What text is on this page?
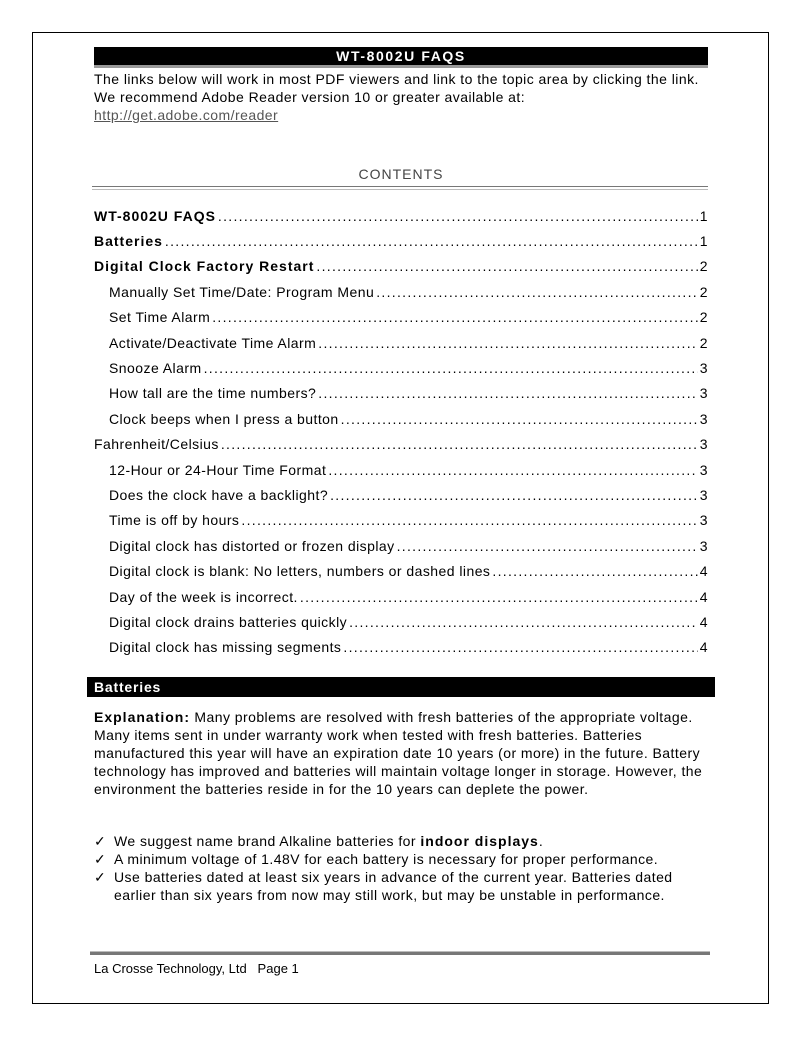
WT-8002U FAQS
The links below will work in most PDF viewers and link to the topic area by clicking the link. We recommend Adobe Reader version 10 or greater available at:
http://get.adobe.com/reader
CONTENTS
WT-8002U FAQS .....	1
Batteries .....	1
Digital Clock Factory Restart .....	2
Manually Set Time/Date: Program Menu .....	2
Set Time Alarm .....	2
Activate/Deactivate Time Alarm .....	2
Snooze Alarm .....	3
How tall are the time numbers? .....	3
Clock beeps when I press a button .....	3
Fahrenheit/Celsius .....	3
12-Hour or 24-Hour Time Format .....	3
Does the clock have a backlight? .....	3
Time is off by hours .....	3
Digital clock has distorted or frozen display .....	3
Digital clock is blank: No letters, numbers or dashed lines .....	4
Day of the week is incorrect. .....	4
Digital clock drains batteries quickly .....	4
Digital clock has missing segments .....	4
Batteries
Explanation: Many problems are resolved with fresh batteries of the appropriate voltage. Many items sent in under warranty work when tested with fresh batteries. Batteries manufactured this year will have an expiration date 10 years (or more) in the future. Battery technology has improved and batteries will maintain voltage longer in storage. However, the environment the batteries reside in for the 10 years can deplete the power.
✓ We suggest name brand Alkaline batteries for indoor displays.
✓ A minimum voltage of 1.48V for each battery is necessary for proper performance.
✓ Use batteries dated at least six years in advance of the current year. Batteries dated earlier than six years from now may still work, but may be unstable in performance.
La Crosse Technology, Ltd   Page 1
